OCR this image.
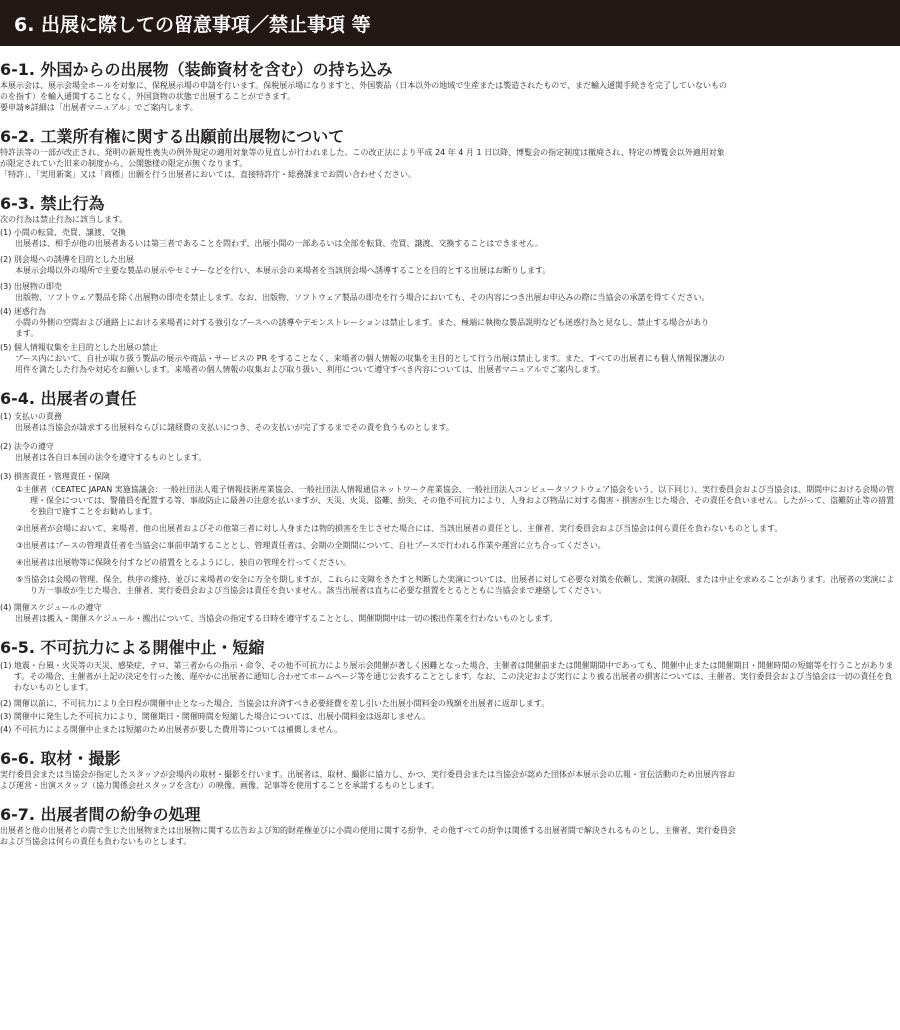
6. 出展に際しての留意事項／禁止事項 等
6-1. 外国からの出展物（装飾資材を含む）の持ち込み

本展示会は、展示会場全ホールを対象に、保税展示場の申請を行います。保税展示場になりますと、外国製品（日本以外の地域で生産または製造されたもので、まだ輸入通関手続きを完了していないもの

のを指す）を輸入通関することなく、外国貨物の状態で出展することができます。

要申請※詳細は「出展者マニュアル」でご案内します。

6-2. 工業所有権に関する出願前出展物について

特許法等の一部が改正され、発明の新規性喪失の例外規定の適用対象等の見直しが行われました。この改正法により平成 24 年 4 月 1 日以降、博覧会の指定制度は撤廃され、特定の博覧会以外適用対象

が限定されていた旧来の制度から、公開態様の限定が無くなります。

「特許」、「実用新案」又は「商標」出願を行う出展者においては、直接特許庁・総務課までお問い合わせください。

6-3. 禁止行為

次の行為は禁止行為に該当します。

(1) 小間の転貸、売買、譲渡、交換
出展者は、相手が他の出展者あるいは第三者であることを問わず、出展小間の一部あるいは全部を転貸、売買、譲渡、交換することはできません。
(2) 別会場への誘導を目的とした出展
本展示会場以外の場所で主要な製品の展示やセミナーなどを行い、本展示会の来場者を当該別会場へ誘導することを目的とする出展はお断りします。
(3) 出展物の即売
出版物、ソフトウェア製品を除く出展物の即売を禁止します。なお、出版物、ソフトウェア製品の即売を行う場合においても、その内容につき出展お申込みの際に当協会の承諾を得てください。
(4) 迷惑行為
小間の外側の空間および通路上における来場者に対する強引なブースへの誘導やデモンストレーションは禁止します。また、極端に執拗な製品説明なども迷惑行為と見なし、禁止する場合があり
ます。
(5) 個人情報収集を主目的とした出展の禁止
ブース内において、自社が取り扱う製品の展示や商品・サービスの PR をすることなく、来場者の個人情報の収集を主目的として行う出展は禁止します。また、すべての出展者にも個人情報保護法の
用件を満たした行為や対応をお願いします。来場者の個人情報の収集および取り扱い、利用について遵守すべき内容については、出展者マニュアルでご案内します。
6-4. 出展者の責任
(1) 支払いの責務
出展者は当協会が請求する出展料ならびに諸経費の支払いにつき、その支払いが完了するまでその責を負うものとします。
(2) 法令の遵守
出展者は各自日本国の法令を遵守するものとします。
(3) 損害責任・管理責任・保険
①主催者（CEATEC JAPAN 実施協議会：一般社団法人電子情報技術産業協会、一般社団法人情報通信ネットワーク産業協会、一般社団法人コンピュータソフトウェア協会をいう、以下同じ）、実行委員会および当協会は、期間中における会場の管理・保全については、警備員を配置する等、事故防止に最善の注意を払いますが、天災、火災、盗難、紛失、その他不可抗力により、人身および物品に対する傷害・損害が生じた場合、その責任を負いません。したがって、盗難防止等の措置を独自で施すことをお勧めします。
②出展者が会場において、来場者、他の出展者およびその他第三者に対し人身または物的損害を生じさせた場合には、当該出展者の責任とし、主催者、実行委員会および当協会は何ら責任を負わないものとします。
③出展者はブースの管理責任者を当協会に事前申請することとし、管理責任者は、会期の全期間について、自社ブースで行われる作業や運営に立ち合ってください。
④出展者は出展物等に保険を付すなどの措置をとるようにし、独自の管理を行ってください。
⑤当協会は会場の管理、保全、秩序の維持、並びに来場者の安全に万全を期しますが、これらに支障をきたすと判断した実演については、出展者に対して必要な対策を依頼し、実演の制限、または中止を求めることがあります。出展者の実演により万一事故が生じた場合、主催者、実行委員会および当協会は責任を負いません。該当出展者は直ちに必要な措置をとるとともに当協会まで連絡してください。
(4) 開催スケジュールの遵守
出展者は搬入・開催スケジュール・搬出について、当協会の指定する日時を遵守することとし、開催期間中は一切の搬出作業を行わないものとします。
6-5. 不可抗力による開催中止・短縮
(1) 地震・台風・火災等の天災、感染症、テロ、第三者からの指示・命令、その他不可抗力により展示会開催が著しく困難となった場合、主催者は開催前または開催期間中であっても、開催中止または開催期日・開催時間の短縮等を行うことがあります。その場合、主催者が上記の決定を行った後、遅やかに出展者に通知し合わせてホームページ等を通じ公表することとします。なお、この決定および実行により被る出展者の損害については、主催者、実行委員会および当協会は一切の責任を負わないものとします。
(2) 開催以前に、不可抗力により全日程が開催中止となった場合、当協会は弁済すべき必要経費を差し引いた出展小間料金の残額を出展者に返却します。
(3) 開催中に発生した不可抗力により、開催期日・開催時間を短縮した場合については、出展小間料金は返却しません。
(4) 不可抗力による開催中止または短縮のため出展者が要した費用等については補償しません。
6-6. 取材・撮影

実行委員会または当協会が指定したスタッフが会場内の取材・撮影を行います。出展者は、取材、撮影に協力し、かつ、実行委員会または当協会が認めた団体が本展示会の広報・宣伝活動のため出展内容お

よび運営・出演スタッフ（協力関係会社スタッフを含む）の映像、画像、記事等を使用することを承諾するものとします。

6-7. 出展者間の紛争の処理

出展者と他の出展者との間で生じた出展物または出展物に関する広告および知的財産権並びに小間の使用に関する紛争、その他すべての紛争は関係する出展者間で解決されるものとし、主催者、実行委員会

および当協会は何らの責任も負わないものとします。
